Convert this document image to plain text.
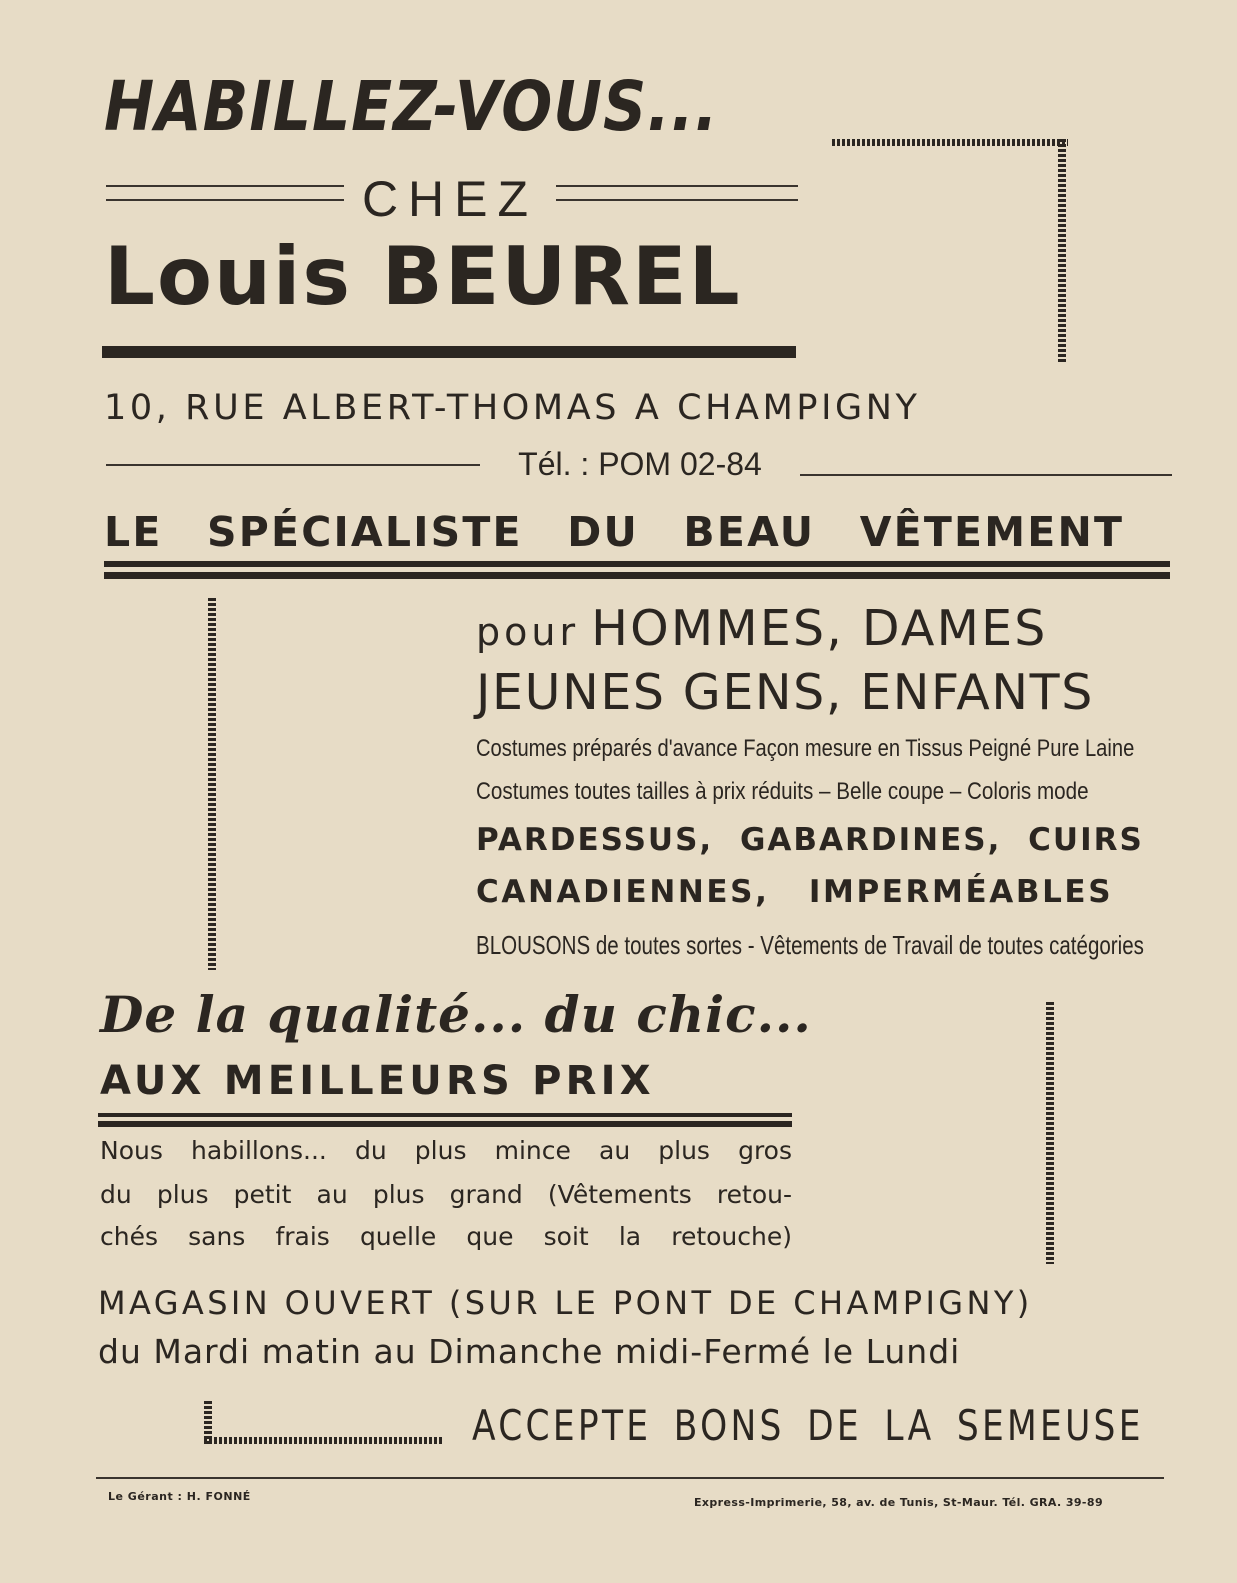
HABILLEZ-VOUS...
CHEZ
Louis BEUREL
10, RUE ALBERT-THOMAS A CHAMPIGNY
Tél. : POM 02-84
LE SPÉCIALISTE DU BEAU VÊTEMENT
pour HOMMES, DAMES
JEUNES GENS, ENFANTS
Costumes préparés d'avance Façon mesure en Tissus Peigné Pure Laine
Costumes toutes tailles à prix réduits – Belle coupe – Coloris mode
PARDESSUS, GABARDINES, CUIRS
CANADIENNES, IMPERMÉABLES
BLOUSONS de toutes sortes - Vêtements de Travail de toutes catégories
De la qualité... du chic...
AUX MEILLEURS PRIX
Nous habillons... du plus mince au plus gros
du plus petit au plus grand (Vêtements retou-
chés sans frais quelle que soit la retouche)
MAGASIN OUVERT (SUR LE PONT DE CHAMPIGNY)
du Mardi matin au Dimanche midi-Fermé le Lundi
ACCEPTE BONS DE LA SEMEUSE
Le Gérant : H. FONNÉ	Express-Imprimerie, 58, av. de Tunis, St-Maur. Tél. GRA. 39-89
